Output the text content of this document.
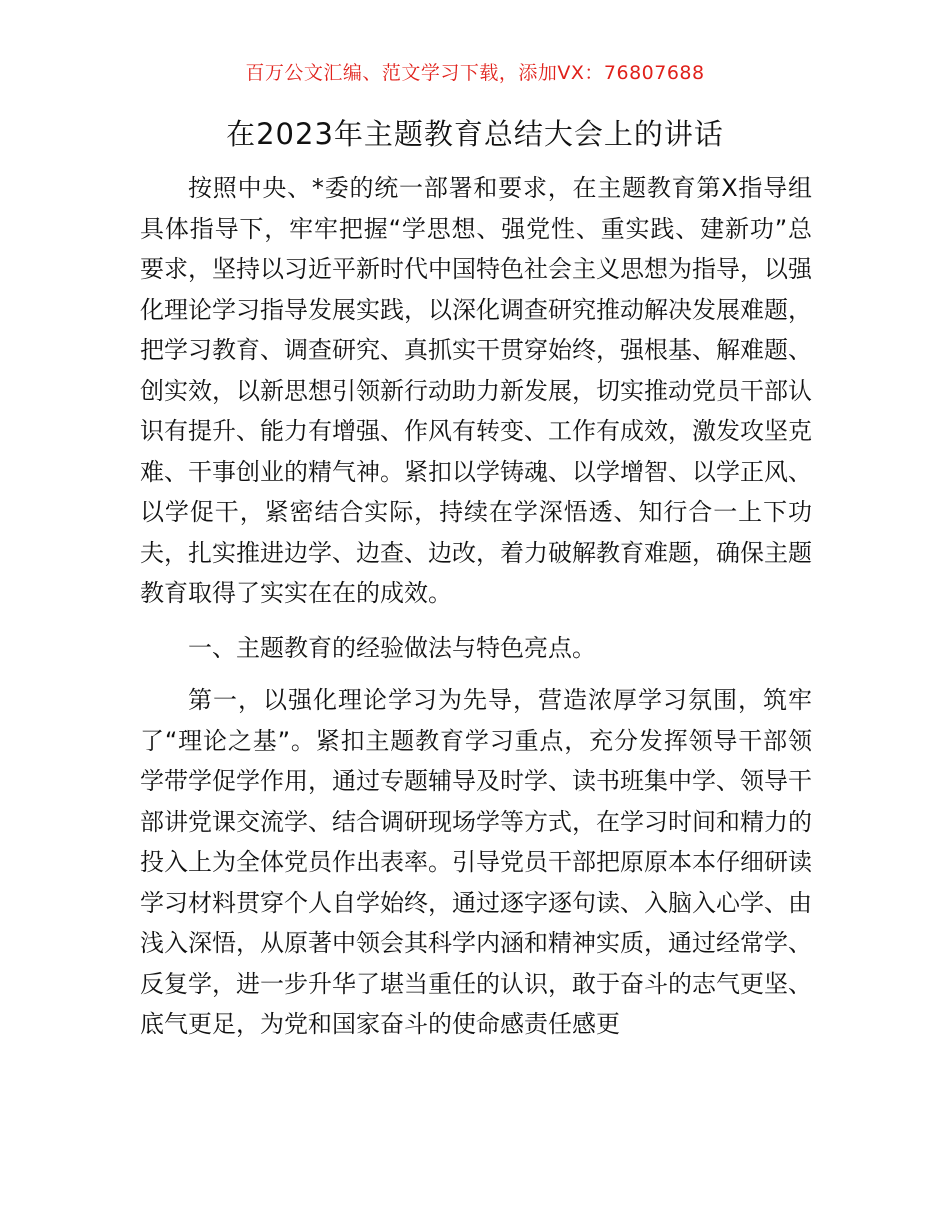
百万公文汇编、范文学习下载，添加VX：76807688
在2023年主题教育总结大会上的讲话

按照中央、*委的统一部署和要求，在主题教育第X指导组具体指导下，牢牢把握“学思想、强党性、重实践、建新功”总要求，坚持以习近平新时代中国特色社会主义思想为指导，以强化理论学习指导发展实践，以深化调查研究推动解决发展难题，把学习教育、调查研究、真抓实干贯穿始终，强根基、解难题、创实效，以新思想引领新行动助力新发展，切实推动党员干部认识有提升、能力有增强、作风有转变、工作有成效，激发攻坚克难、干事创业的精气神。紧扣以学铸魂、以学增智、以学正风、以学促干，紧密结合实际，持续在学深悟透、知行合一上下功夫，扎实推进边学、边查、边改，着力破解教育难题，确保主题教育取得了实实在在的成效。

一、主题教育的经验做法与特色亮点。

第一，以强化理论学习为先导，营造浓厚学习氛围，筑牢了“理论之基”。紧扣主题教育学习重点，充分发挥领导干部领学带学促学作用，通过专题辅导及时学、读书班集中学、领导干部讲党课交流学、结合调研现场学等方式，在学习时间和精力的投入上为全体党员作出表率。引导党员干部把原原本本仔细研读学习材料贯穿个人自学始终，通过逐字逐句读、入脑入心学、由浅入深悟，从原著中领会其科学内涵和精神实质，通过经常学、反复学，进一步升华了堪当重任的认识，敢于奋斗的志气更坚、底气更足，为党和国家奋斗的使命感责任感更
